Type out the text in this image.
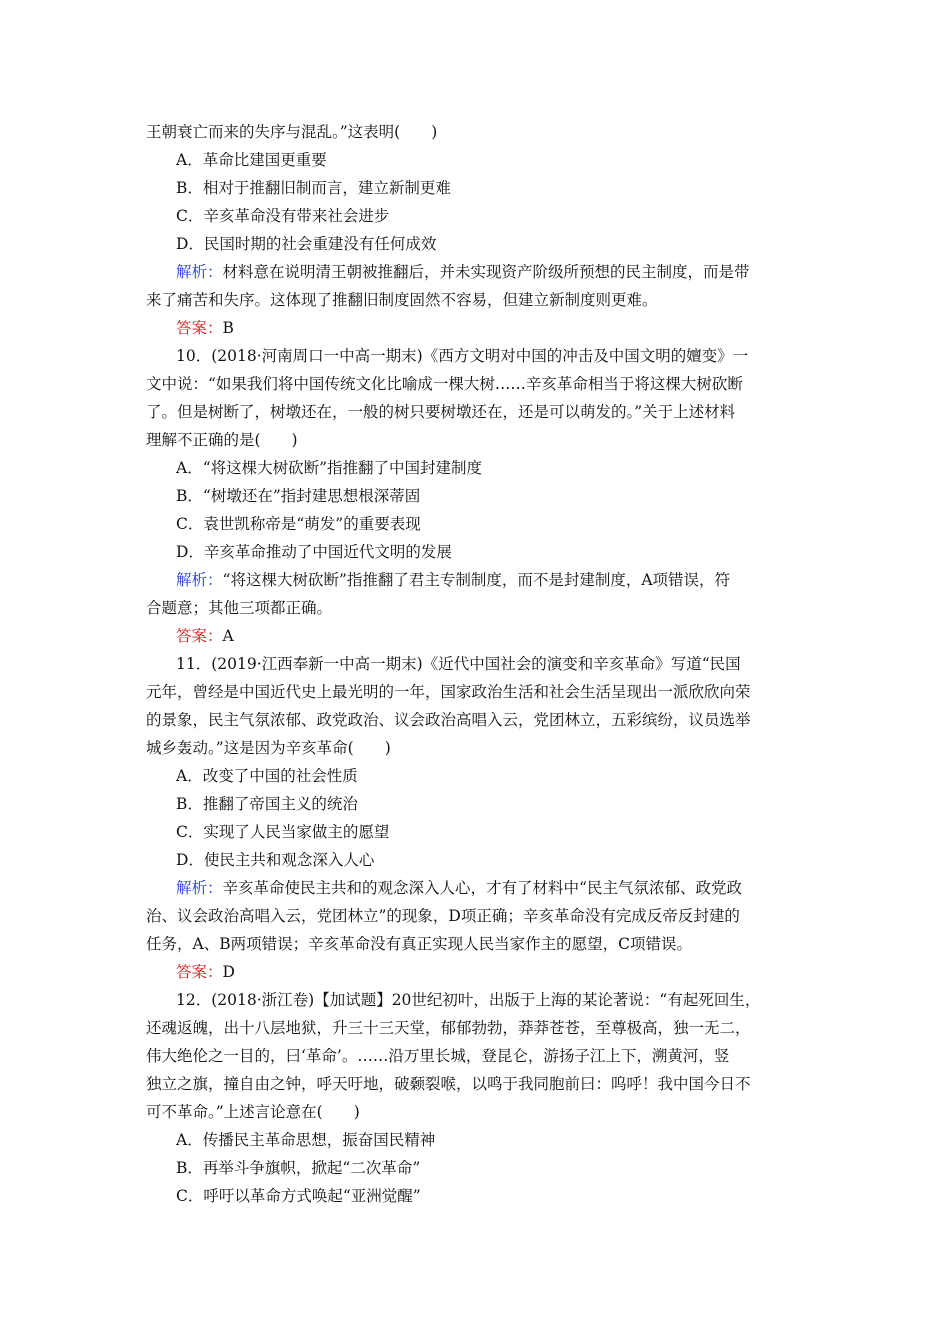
王朝衰亡而来的失序与混乱。”这表明(　　)
A．革命比建国更重要
B．相对于推翻旧制而言，建立新制更难
C．辛亥革命没有带来社会进步
D．民国时期的社会重建没有任何成效
解析：材料意在说明清王朝被推翻后，并未实现资产阶级所预想的民主制度，而是带
来了痛苦和失序。这体现了推翻旧制度固然不容易，但建立新制度则更难。
答案：B
10．(2018·河南周口一中高一期末)《西方文明对中国的冲击及中国文明的嬗变》一
文中说：“如果我们将中国传统文化比喻成一棵大树……辛亥革命相当于将这棵大树砍断
了。但是树断了，树墩还在，一般的树只要树墩还在，还是可以萌发的。”关于上述材料
理解不正确的是(　　)
A．“将这棵大树砍断”指推翻了中国封建制度
B．“树墩还在”指封建思想根深蒂固
C．袁世凯称帝是“萌发”的重要表现
D．辛亥革命推动了中国近代文明的发展
解析：“将这棵大树砍断”指推翻了君主专制制度，而不是封建制度，A项错误，符
合题意；其他三项都正确。
答案：A
11．(2019·江西奉新一中高一期末)《近代中国社会的演变和辛亥革命》写道“民国
元年，曾经是中国近代史上最光明的一年，国家政治生活和社会生活呈现出一派欣欣向荣
的景象，民主气氛浓郁、政党政治、议会政治高唱入云，党团林立，五彩缤纷，议员选举
城乡轰动。”这是因为辛亥革命(　　)
A．改变了中国的社会性质
B．推翻了帝国主义的统治
C．实现了人民当家做主的愿望
D．使民主共和观念深入人心
解析：辛亥革命使民主共和的观念深入人心，才有了材料中“民主气氛浓郁、政党政
治、议会政治高唱入云，党团林立”的现象，D项正确；辛亥革命没有完成反帝反封建的
任务，A、B两项错误；辛亥革命没有真正实现人民当家作主的愿望，C项错误。
答案：D
12．(2018·浙江卷)【加试题】20世纪初叶，出版于上海的某论著说：“有起死回生，
还魂返魄，出十八层地狱，升三十三天堂，郁郁勃勃，莽莽苍苍，至尊极高，独一无二，
伟大绝伦之一目的，曰‘革命’。……沿万里长城，登昆仑，游扬子江上下，溯黄河，竖
独立之旗，撞自由之钟，呼天吁地，破颡裂喉，以鸣于我同胞前曰：呜呼！我中国今日不
可不革命。”上述言论意在(　　)
A．传播民主革命思想，振奋国民精神
B．再举斗争旗帜，掀起“二次革命”
C．呼吁以革命方式唤起“亚洲觉醒”
